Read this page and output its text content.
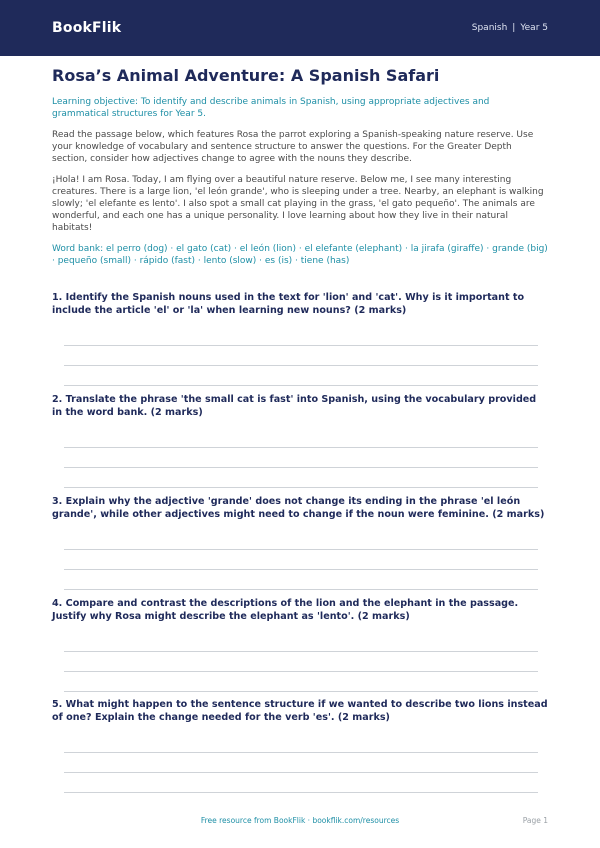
BookFlik	Spanish | Year 5
Rosa’s Animal Adventure: A Spanish Safari
Learning objective: To identify and describe animals in Spanish, using appropriate adjectives and grammatical structures for Year 5.
Read the passage below, which features Rosa the parrot exploring a Spanish-speaking nature reserve. Use your knowledge of vocabulary and sentence structure to answer the questions. For the Greater Depth section, consider how adjectives change to agree with the nouns they describe.
¡Hola! I am Rosa. Today, I am flying over a beautiful nature reserve. Below me, I see many interesting creatures. There is a large lion, 'el león grande', who is sleeping under a tree. Nearby, an elephant is walking slowly; 'el elefante es lento'. I also spot a small cat playing in the grass, 'el gato pequeño'. The animals are wonderful, and each one has a unique personality. I love learning about how they live in their natural habitats!
Word bank: el perro (dog) · el gato (cat) · el león (lion) · el elefante (elephant) · la jirafa (giraffe) · grande (big) · pequeño (small) · rápido (fast) · lento (slow) · es (is) · tiene (has)
1. Identify the Spanish nouns used in the text for 'lion' and 'cat'. Why is it important to include the article 'el' or 'la' when learning new nouns? (2 marks)
2. Translate the phrase 'the small cat is fast' into Spanish, using the vocabulary provided in the word bank. (2 marks)
3. Explain why the adjective 'grande' does not change its ending in the phrase 'el león grande', while other adjectives might need to change if the noun were feminine. (2 marks)
4. Compare and contrast the descriptions of the lion and the elephant in the passage. Justify why Rosa might describe the elephant as 'lento'. (2 marks)
5. What might happen to the sentence structure if we wanted to describe two lions instead of one? Explain the change needed for the verb 'es'. (2 marks)
Free resource from BookFlik · bookflik.com/resources	Page 1
